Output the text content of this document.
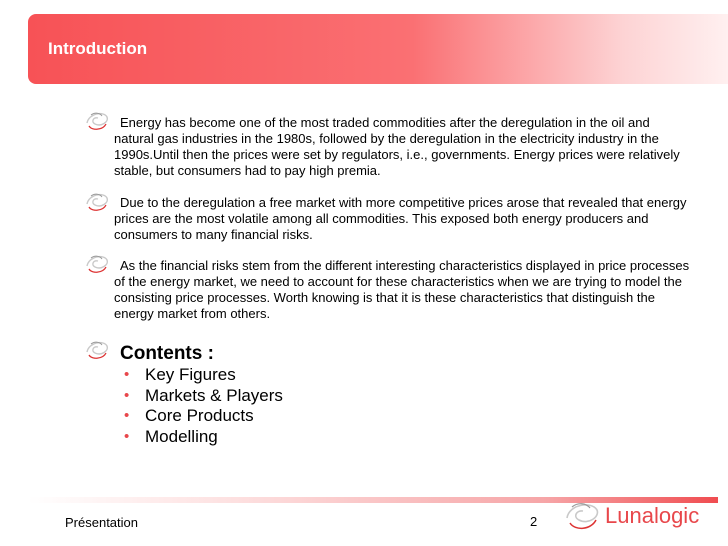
Introduction

Energy has become one of the most traded commodities after the deregulation in the oil and natural gas industries in the 1980s, followed by the deregulation in the electricity industry in the 1990s.Until then the prices were set by regulators, i.e., governments. Energy prices were relatively stable, but consumers had to pay high premia.

Due to the deregulation a free market with more competitive prices arose that revealed that energy prices are the most volatile among all commodities. This exposed both energy producers and consumers to many financial risks.

As the financial risks stem from the different interesting characteristics displayed in price processes of the energy market, we need to account for these characteristics when we are trying to model the consisting price processes. Worth knowing is that it is these characteristics that distinguish the energy market from others.

Contents :
• Key Figures
• Markets & Players
• Core Products
• Modelling
Présentation	2	Lunalogic
